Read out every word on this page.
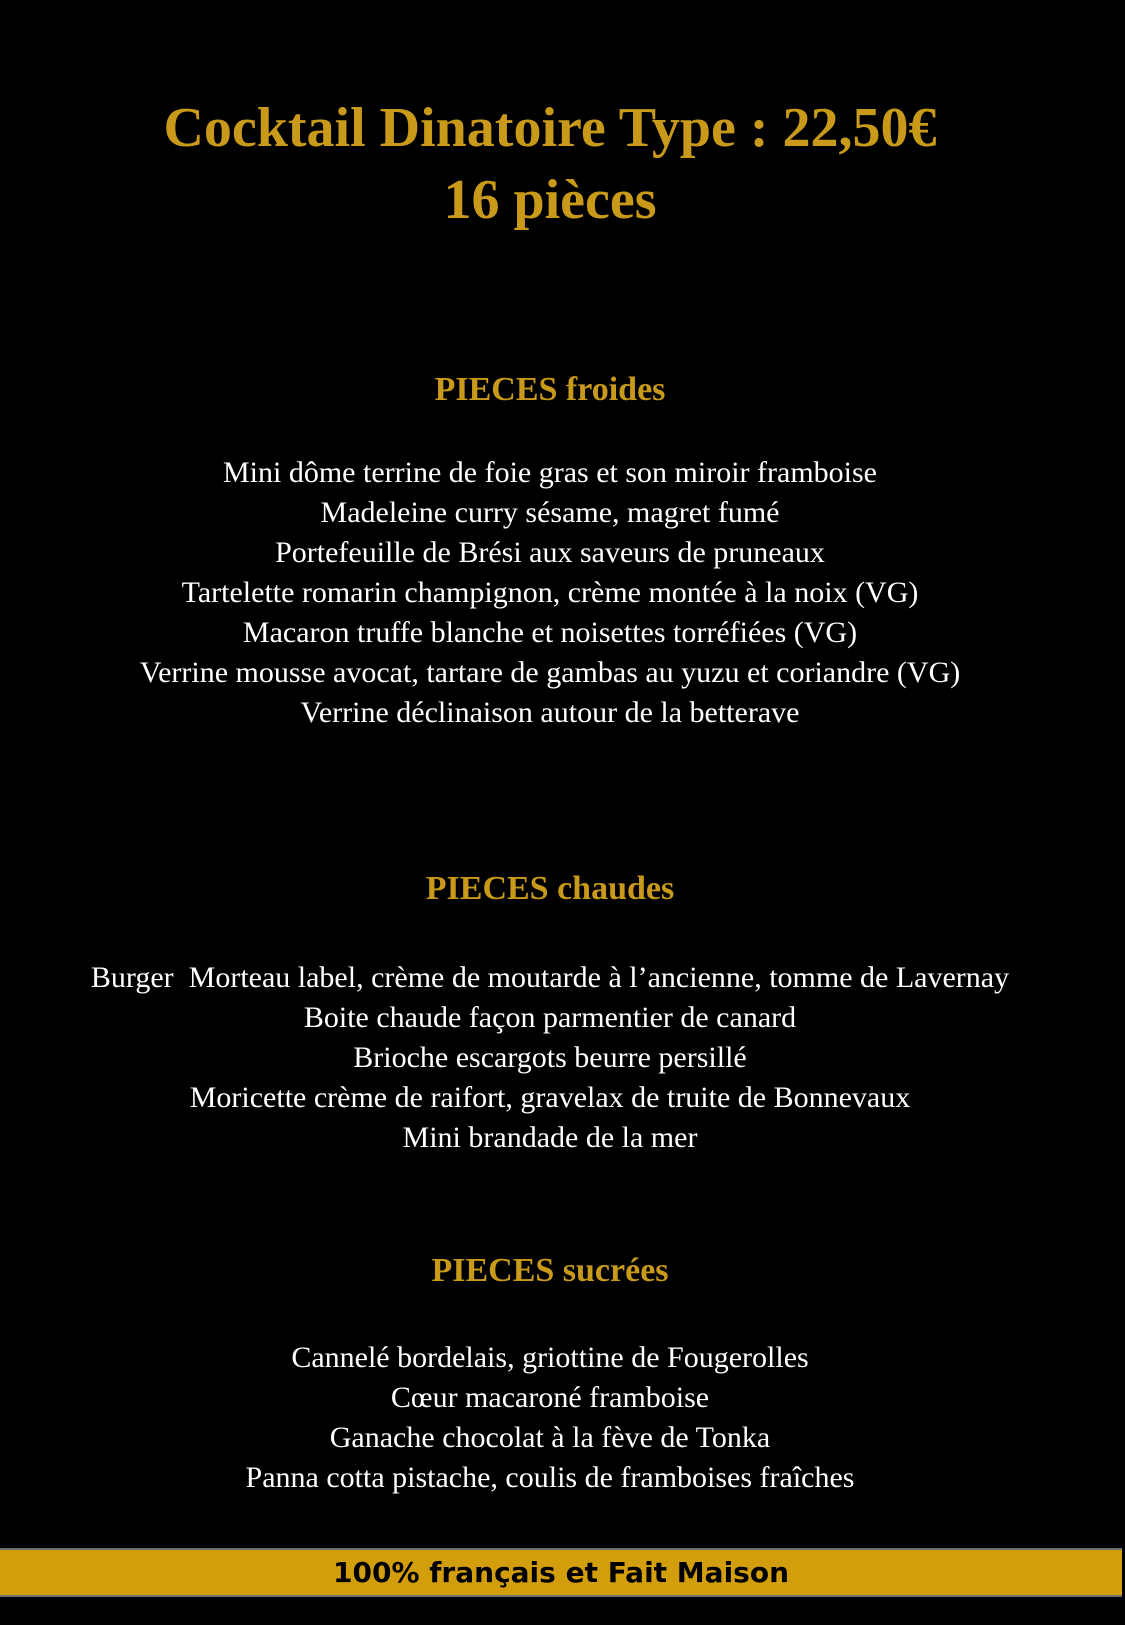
Cocktail Dinatoire Type : 22,50€
16 pièces
PIECES froides
Mini dôme terrine de foie gras et son miroir framboise
Madeleine curry sésame, magret fumé
Portefeuille de Brési aux saveurs de pruneaux
Tartelette romarin champignon, crème montée à la noix (VG)
Macaron truffe blanche et noisettes torréfiées (VG)
Verrine mousse avocat, tartare de gambas au yuzu et coriandre (VG)
Verrine déclinaison autour de la betterave
PIECES chaudes
Burger  Morteau label, crème de moutarde à l’ancienne, tomme de Lavernay
Boite chaude façon parmentier de canard
Brioche escargots beurre persillé
Moricette crème de raifort, gravelax de truite de Bonnevaux
Mini brandade de la mer
PIECES sucrées
Cannelé bordelais, griottine de Fougerolles
Cœur macaroné framboise
Ganache chocolat à la fève de Tonka
Panna cotta pistache, coulis de framboises fraîches
100% français et Fait Maison
